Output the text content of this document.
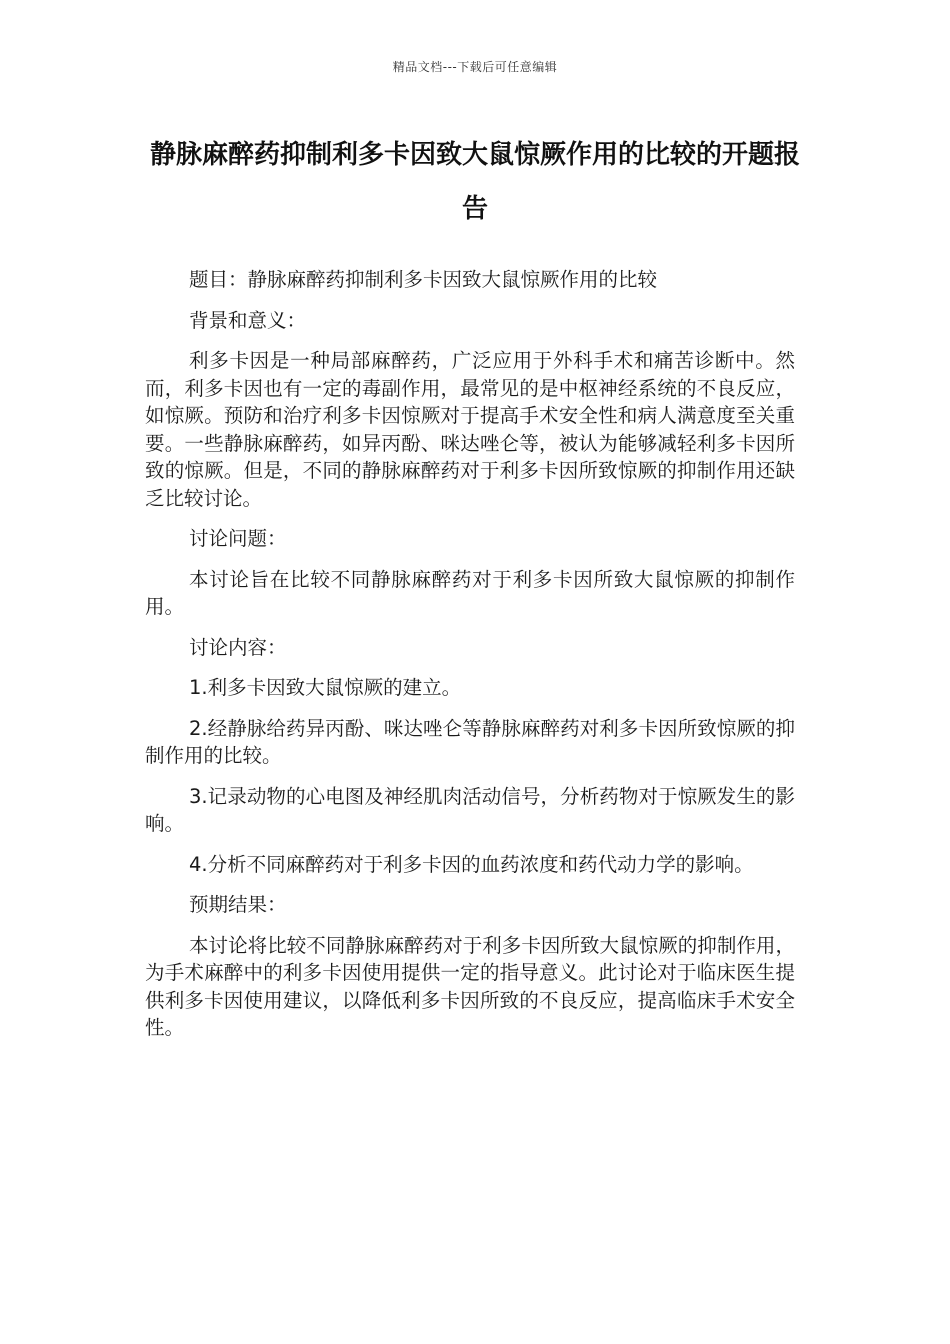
精品文档---下载后可任意编辑
静脉麻醉药抑制利多卡因致大鼠惊厥作用的比较的开题报告

题目：静脉麻醉药抑制利多卡因致大鼠惊厥作用的比较

背景和意义：

利多卡因是一种局部麻醉药，广泛应用于外科手术和痛苦诊断中。然而，利多卡因也有一定的毒副作用，最常见的是中枢神经系统的不良反应，如惊厥。预防和治疗利多卡因惊厥对于提高手术安全性和病人满意度至关重要。一些静脉麻醉药，如异丙酚、咪达唑仑等，被认为能够减轻利多卡因所致的惊厥。但是，不同的静脉麻醉药对于利多卡因所致惊厥的抑制作用还缺乏比较讨论。

讨论问题：

本讨论旨在比较不同静脉麻醉药对于利多卡因所致大鼠惊厥的抑制作用。

讨论内容：

1.利多卡因致大鼠惊厥的建立。

2.经静脉给药异丙酚、咪达唑仑等静脉麻醉药对利多卡因所致惊厥的抑制作用的比较。

3.记录动物的心电图及神经肌肉活动信号，分析药物对于惊厥发生的影响。

4.分析不同麻醉药对于利多卡因的血药浓度和药代动力学的影响。

预期结果：

本讨论将比较不同静脉麻醉药对于利多卡因所致大鼠惊厥的抑制作用，为手术麻醉中的利多卡因使用提供一定的指导意义。此讨论对于临床医生提供利多卡因使用建议，以降低利多卡因所致的不良反应，提高临床手术安全性。
